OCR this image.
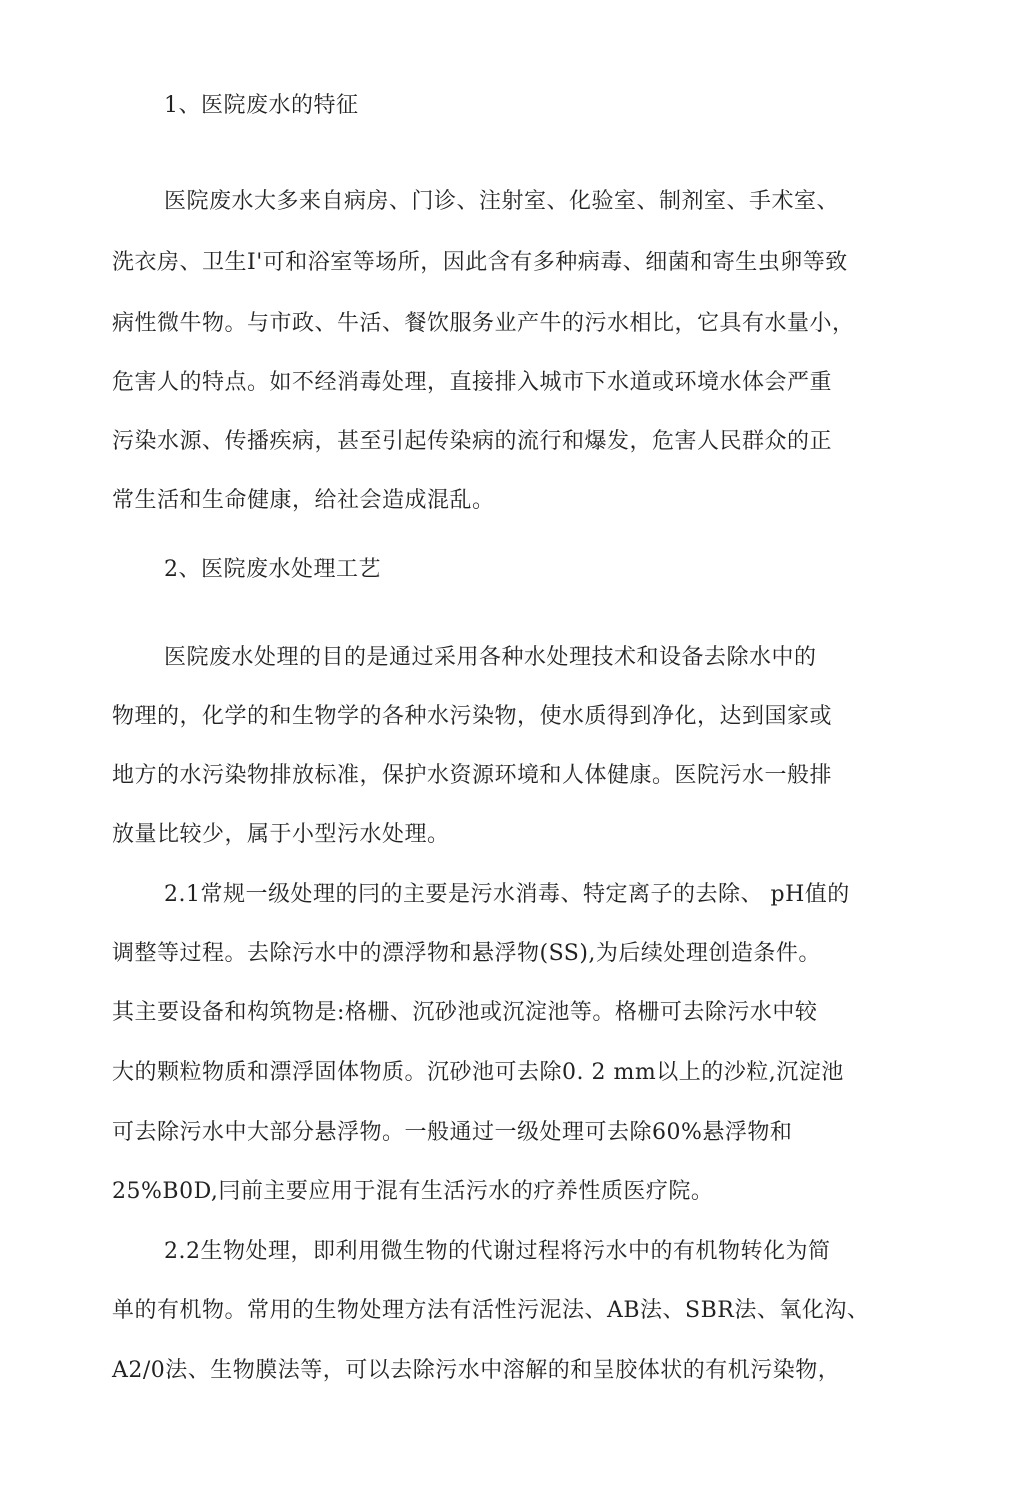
1、医院废水的特征
医院废水大多来自病房、门诊、注射室、化验室、制剂室、手术室、
洗衣房、卫生I'可和浴室等场所，因此含有多种病毒、细菌和寄生虫卵等致
病性微牛物。与市政、牛活、餐饮服务业产牛的污水相比，它具有水量小，
危害人的特点。如不经消毒处理，直接排入城市下水道或环境水体会严重
污染水源、传播疾病，甚至引起传染病的流行和爆发，危害人民群众的正
常生活和生命健康，给社会造成混乱。
2、医院废水处理工艺
医院废水处理的目的是通过采用各种水处理技术和设备去除水中的
物理的，化学的和生物学的各种水污染物，使水质得到净化，达到国家或
地方的水污染物排放标准，保护水资源环境和人体健康。医院污水一般排
放量比较少，属于小型污水处理。
2.1常规一级处理的冃的主要是污水消毒、特定离子的去除、 pH值的
调整等过程。去除污水中的漂浮物和悬浮物(SS),为后续处理创造条件。
其主要设备和构筑物是:格栅、沉砂池或沉淀池等。格栅可去除污水中较
大的颗粒物质和漂浮固体物质。沉砂池可去除0. 2 mm以上的沙粒,沉淀池
可去除污水中大部分悬浮物。一般通过一级处理可去除60%悬浮物和
25%B0D,冃前主要应用于混有生活污水的疗养性质医疗院。
2.2生物处理，即利用微生物的代谢过程将污水中的有机物转化为简
单的有机物。常用的生物处理方法有活性污泥法、AB法、SBR法、氧化沟、
A2/0法、生物膜法等，可以去除污水中溶解的和呈胶体状的有机污染物，
